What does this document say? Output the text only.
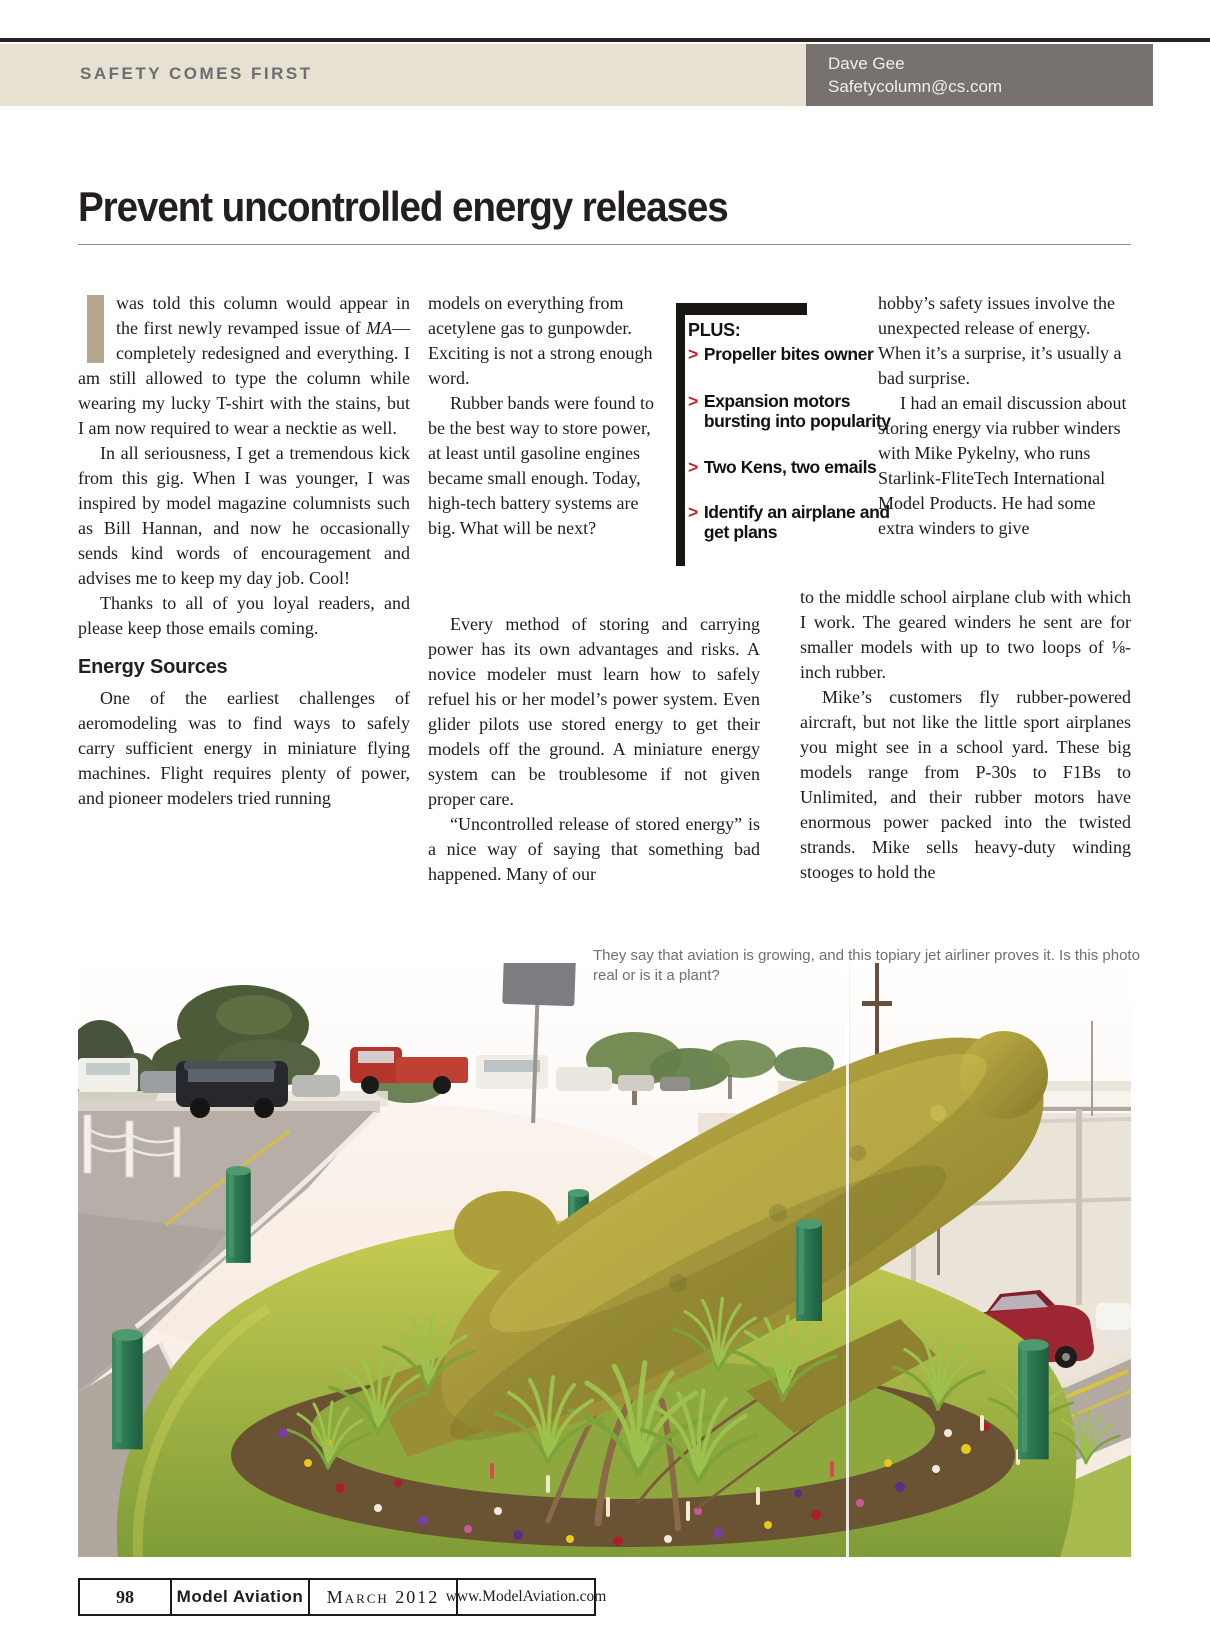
SAFETY COMES FIRST
Dave Gee
Safetycolumn@cs.com
Prevent uncontrolled energy releases

I was told this column would appear in the first newly revamped issue of MA—completely redesigned and everything. I am still allowed to type the column while wearing my lucky T-shirt with the stains, but I am now required to wear a necktie as well.

In all seriousness, I get a tremendous kick from this gig. When I was younger, I was inspired by model magazine columnists such as Bill Hannan, and now he occasionally sends kind words of encouragement and advises me to keep my day job. Cool!

Thanks to all of you loyal readers, and please keep those emails coming.

Energy Sources

One of the earliest challenges of aeromodeling was to find ways to safely carry sufficient energy in miniature flying machines. Flight requires plenty of power, and pioneer modelers tried running

models on everything from acetylene gas to gunpowder. Exciting is not a strong enough word.

Rubber bands were found to be the best way to store power, at least until gasoline engines became small enough. Today, high-tech battery systems are big. What will be next?

Every method of storing and carrying power has its own advantages and risks. A novice modeler must learn how to safely refuel his or her model’s power system. Even glider pilots use stored energy to get their models off the ground. A miniature energy system can be troublesome if not given proper care.

“Uncontrolled release of stored energy” is a nice way of saying that something bad happened. Many of our

PLUS:
> Propeller bites owner
> Expansion motors bursting into popularity
> Two Kens, two emails
> Identify an airplane and get plans

hobby’s safety issues involve the unexpected release of energy. When it’s a surprise, it’s usually a bad surprise.

I had an email discussion about storing energy via rubber winders with Mike Pykelny, who runs Starlink-FliteTech International Model Products. He had some extra winders to give

to the middle school airplane club with which I work. The geared winders he sent are for smaller models with up to two loops of ⅛-inch rubber.

Mike’s customers fly rubber-powered aircraft, but not like the little sport airplanes you might see in a school yard. These big models range from P-30s to F1Bs to Unlimited, and their rubber motors have enormous power packed into the twisted strands. Mike sells heavy-duty winding stooges to hold the

They say that aviation is growing, and this topiary jet airliner proves it. Is this photo real or is it a plant?
98	Model Aviation	March 2012 www.ModelAviation.com
